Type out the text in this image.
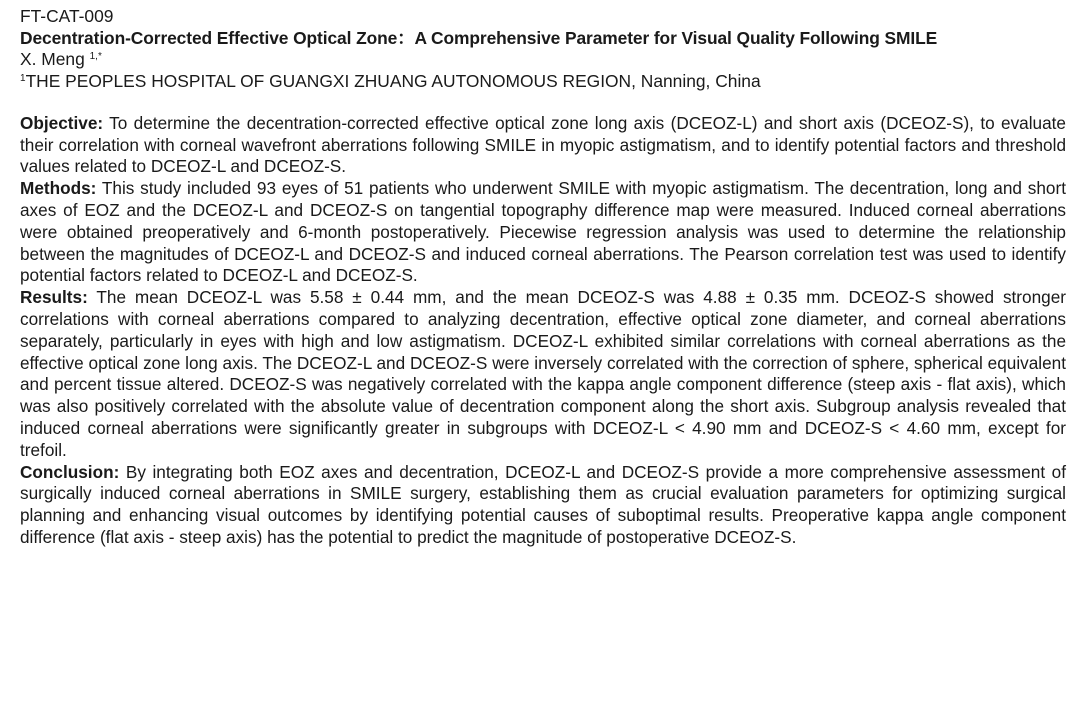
FT-CAT-009

Decentration-Corrected Effective Optical Zone：A Comprehensive Parameter for Visual Quality Following SMILE

X. Meng $^{1,*}$

$^1$THE PEOPLES HOSPITAL OF GUANGXI ZHUANG AUTONOMOUS REGION, Nanning, China

Objective: To determine the decentration-corrected effective optical zone long axis (DCEOZ-L) and short axis (DCEOZ-S), to evaluate their correlation with corneal wavefront aberrations following SMILE in myopic astigmatism, and to identify potential factors and threshold values related to DCEOZ-L and DCEOZ-S.

Methods: This study included 93 eyes of 51 patients who underwent SMILE with myopic astigmatism. The decentration, long and short axes of EOZ and the DCEOZ-L and DCEOZ-S on tangential topography difference map were measured. Induced corneal aberrations were obtained preoperatively and 6-month postoperatively. Piecewise regression analysis was used to determine the relationship between the magnitudes of DCEOZ-L and DCEOZ-S and induced corneal aberrations. The Pearson correlation test was used to identify potential factors related to DCEOZ-L and DCEOZ-S.

Results: The mean DCEOZ-L was 5.58 ± 0.44 mm, and the mean DCEOZ-S was 4.88 ± 0.35 mm. DCEOZ-S showed stronger correlations with corneal aberrations compared to analyzing decentration, effective optical zone diameter, and corneal aberrations separately, particularly in eyes with high and low astigmatism. DCEOZ-L exhibited similar correlations with corneal aberrations as the effective optical zone long axis. The DCEOZ-L and DCEOZ-S were inversely correlated with the correction of sphere, spherical equivalent and percent tissue altered. DCEOZ-S was negatively correlated with the kappa angle component difference (steep axis - flat axis), which was also positively correlated with the absolute value of decentration component along the short axis. Subgroup analysis revealed that induced corneal aberrations were significantly greater in subgroups with DCEOZ-L < 4.90 mm and DCEOZ-S < 4.60 mm, except for trefoil.

Conclusion: By integrating both EOZ axes and decentration, DCEOZ-L and DCEOZ-S provide a more comprehensive assessment of surgically induced corneal aberrations in SMILE surgery, establishing them as crucial evaluation parameters for optimizing surgical planning and enhancing visual outcomes by identifying potential causes of suboptimal results. Preoperative kappa angle component difference (flat axis - steep axis) has the potential to predict the magnitude of postoperative DCEOZ-S.
